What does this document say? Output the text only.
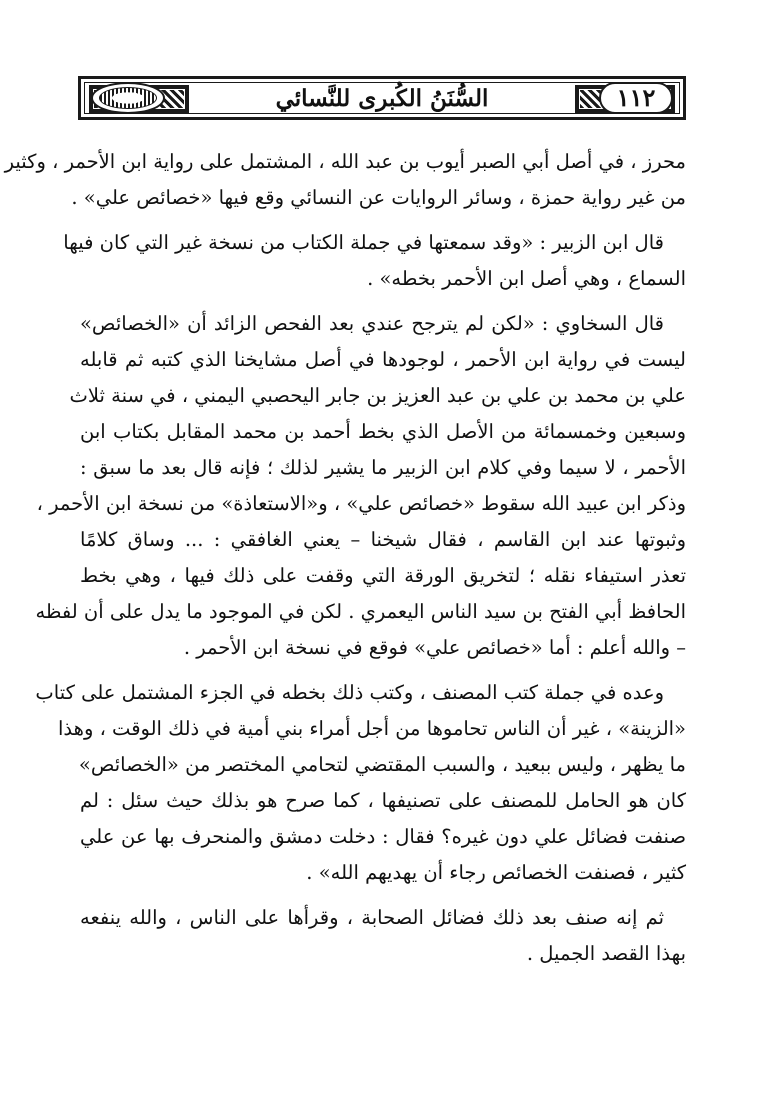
السُّنَنُ الكُبرى للنَّسائي	١١٢
محرز ، في أصل أبي الصبر أيوب بن عبد الله ، المشتمل على رواية ابن الأحمر ، وكثير
من غير رواية حمزة ، وسائر الروايات عن النسائي وقع فيها «خصائص علي» .
قال ابن الزبير : «وقد سمعتها في جملة الكتاب من نسخة غير التي كان فيها
السماع ، وهي أصل ابن الأحمر بخطه» .
قال السخاوي : «لكن لم يترجح عندي بعد الفحص الزائد أن «الخصائص»
ليست في رواية ابن الأحمر ، لوجودها في أصل مشايخنا الذي كتبه ثم قابله
علي بن محمد بن علي بن عبد العزيز بن جابر اليحصبي اليمني ، في سنة ثلاث
وسبعين وخمسمائة من الأصل الذي بخط أحمد بن محمد المقابل بكتاب ابن
الأحمر ، لا سيما وفي كلام ابن الزبير ما يشير لذلك ؛ فإنه قال بعد ما سبق :
وذكر ابن عبيد الله سقوط «خصائص علي» ، و«الاستعاذة» من نسخة ابن الأحمر ،
وثبوتها عند ابن القاسم ، فقال شيخنا – يعني الغافقي : ... وساق كلامًا
تعذر استيفاء نقله ؛ لتخريق الورقة التي وقفت على ذلك فيها ، وهي بخط
الحافظ أبي الفتح بن سيد الناس اليعمري . لكن في الموجود ما يدل على أن لفظه
– والله أعلم : أما «خصائص علي» فوقع في نسخة ابن الأحمر .
وعده في جملة كتب المصنف ، وكتب ذلك بخطه في الجزء المشتمل على كتاب
«الزينة» ، غير أن الناس تحاموها من أجل أمراء بني أمية في ذلك الوقت ، وهذا
ما يظهر ، وليس ببعيد ، والسبب المقتضي لتحامي المختصر من «الخصائص»
كان هو الحامل للمصنف على تصنيفها ، كما صرح هو بذلك حيث سئل : لم
صنفت فضائل علي دون غيره؟ فقال : دخلت دمشق والمنحرف بها عن علي
كثير ، فصنفت الخصائص رجاء أن يهديهم الله» .
ثم إنه صنف بعد ذلك فضائل الصحابة ، وقرأها على الناس ، والله ينفعه
بهذا القصد الجميل .
